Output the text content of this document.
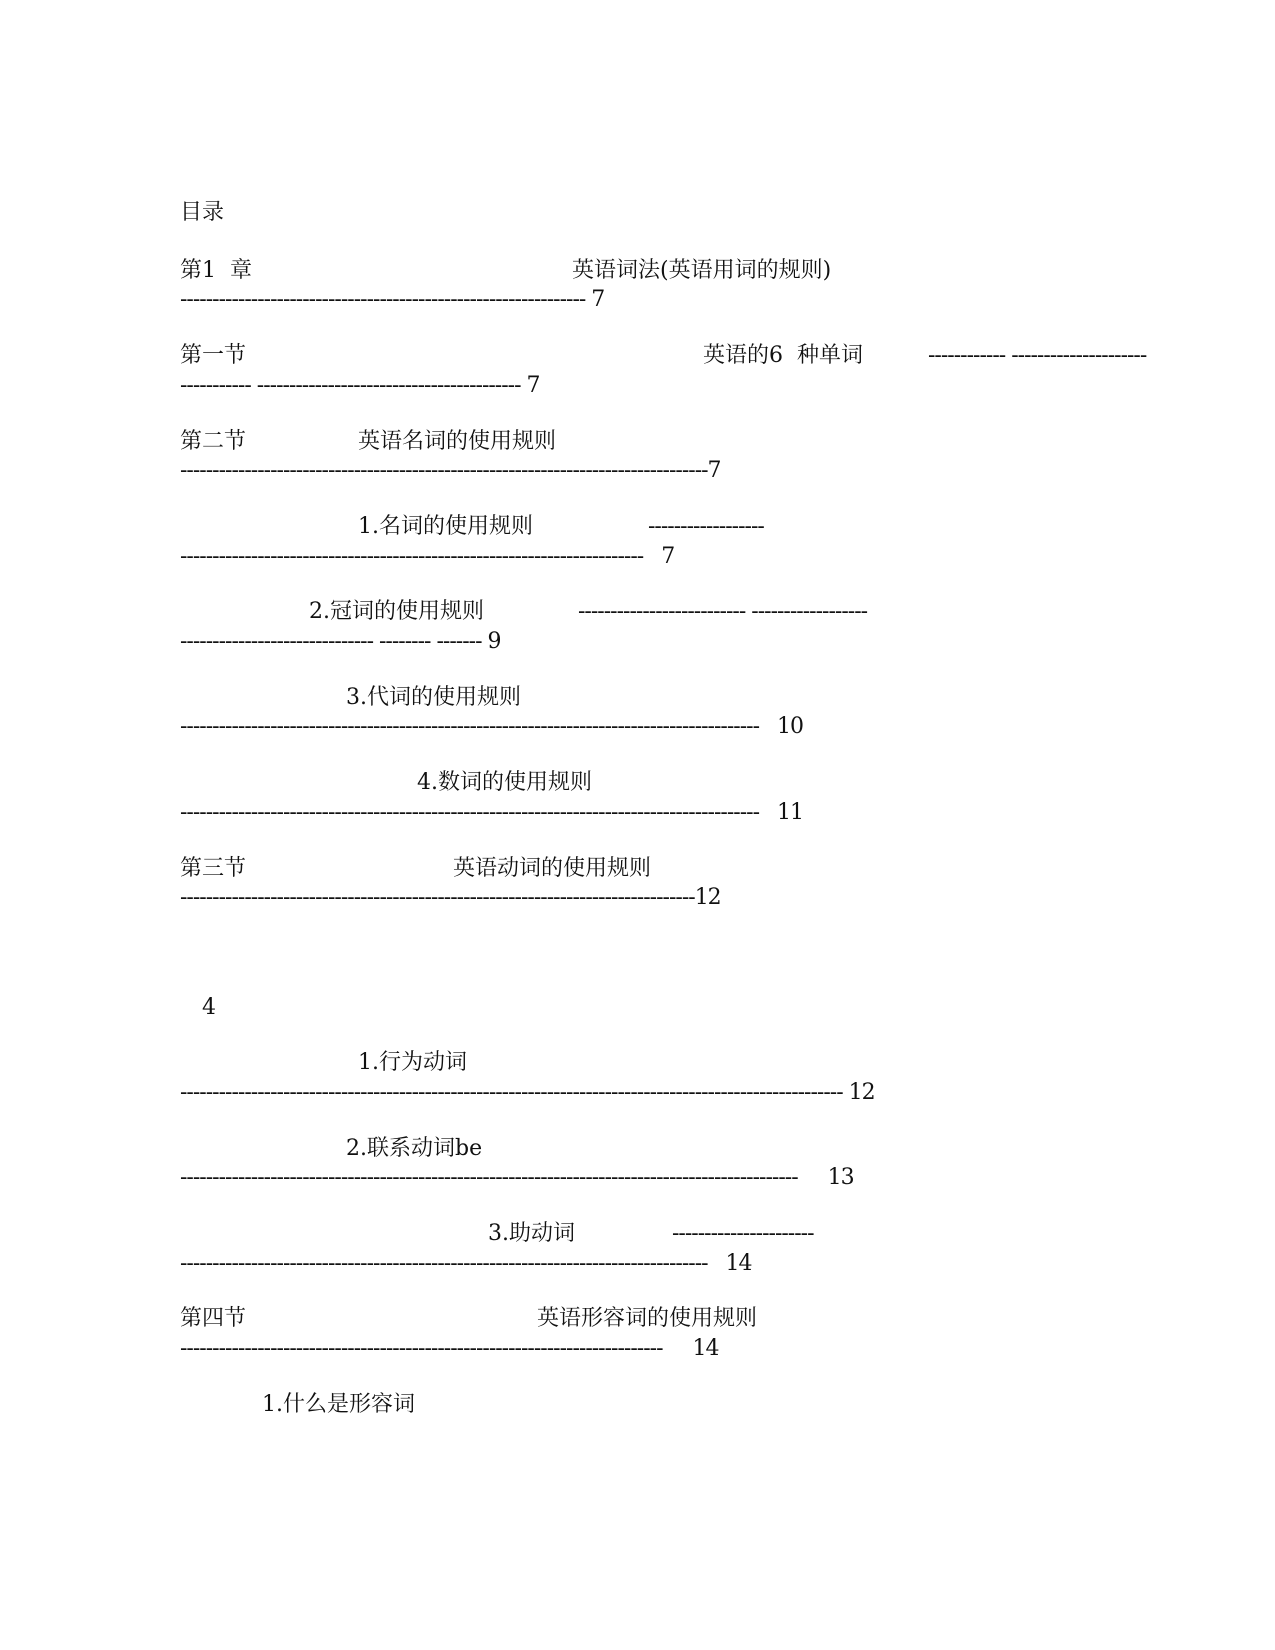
目录
第1  章	英语词法(英语用词的规则)
--------------------------------------------------------------- 7
第一节	英语的6  种单词	------------ ---------------------
----------- ----------------------------------------- 7
第二节	英语名词的使用规则
----------------------------------------------------------------------------------7
1.名词的使用规则	------------------
------------------------------------------------------------------------   7
2.冠词的使用规则	-------------------------- ------------------
------------------------------ -------- ------- 9
3.代词的使用规则
------------------------------------------------------------------------------------------   10
4.数词的使用规则
------------------------------------------------------------------------------------------   11
第三节	英语动词的使用规则
--------------------------------------------------------------------------------12
4
1.行为动词
------------------------------------------------------------------------------------------------------- 12
2.联系动词be
------------------------------------------------------------------------------------------------     13
3.助动词	----------------------
----------------------------------------------------------------------------------   14
第四节	英语形容词的使用规则
---------------------------------------------------------------------------     14
1.什么是形容词
